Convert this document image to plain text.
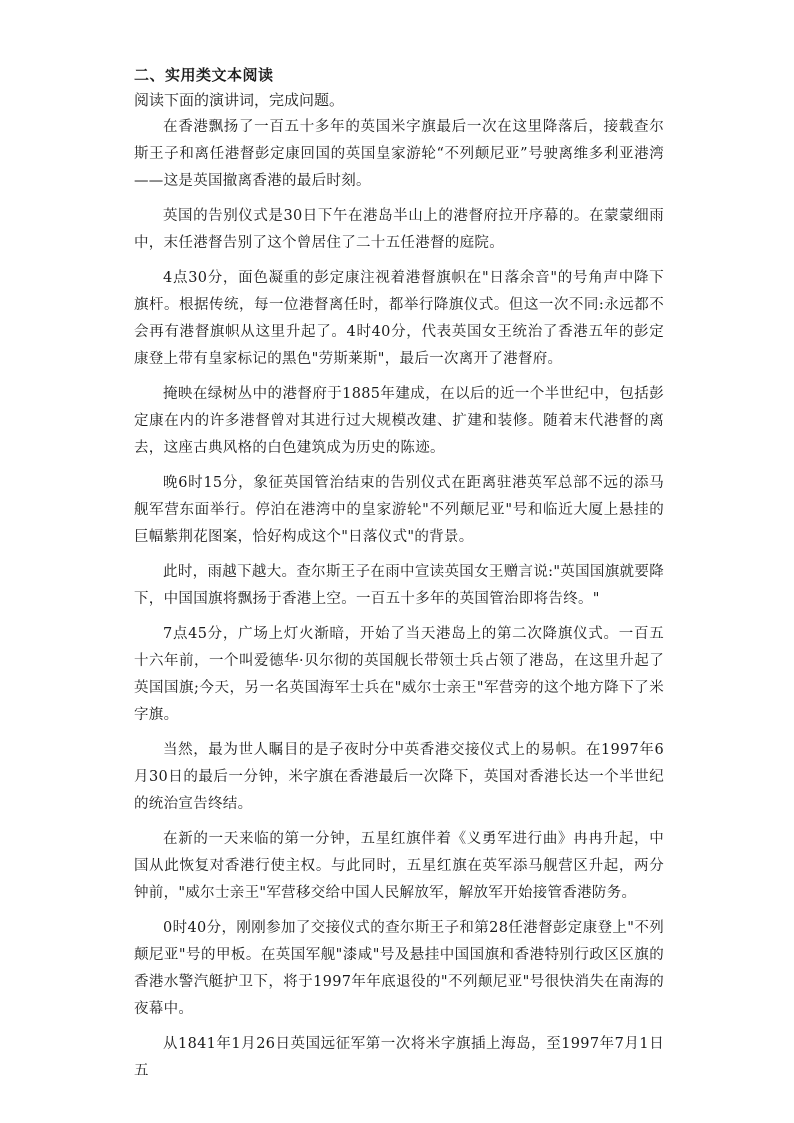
二、实用类文本阅读
阅读下面的演讲词，完成问题。

在香港飘扬了一百五十多年的英国米字旗最后一次在这里降落后，接载查尔斯王子和离任港督彭定康回国的英国皇家游轮“不列颠尼亚”号驶离维多利亚港湾——这是英国撤离香港的最后时刻。

英国的告别仪式是30日下午在港岛半山上的港督府拉开序幕的。在蒙蒙细雨中，末任港督告别了这个曾居住了二十五任港督的庭院。

4点30分，面色凝重的彭定康注视着港督旗帜在"日落余音"的号角声中降下旗杆。根据传统，每一位港督离任时，都举行降旗仪式。但这一次不同:永远都不会再有港督旗帜从这里升起了。4时40分，代表英国女王统治了香港五年的彭定康登上带有皇家标记的黑色"劳斯莱斯"，最后一次离开了港督府。

掩映在绿树丛中的港督府于1885年建成，在以后的近一个半世纪中，包括彭定康在内的许多港督曾对其进行过大规模改建、扩建和装修。随着末代港督的离去，这座古典风格的白色建筑成为历史的陈迹。

晚6时15分，象征英国管治结束的告别仪式在距离驻港英军总部不远的添马舰军营东面举行。停泊在港湾中的皇家游轮"不列颠尼亚"号和临近大厦上悬挂的巨幅紫荆花图案，恰好构成这个"日落仪式"的背景。

此时，雨越下越大。查尔斯王子在雨中宣读英国女王赠言说:"英国国旗就要降下，中国国旗将飘扬于香港上空。一百五十多年的英国管治即将告终。"

7点45分，广场上灯火渐暗，开始了当天港岛上的第二次降旗仪式。一百五十六年前，一个叫爱德华·贝尔彻的英国舰长带领士兵占领了港岛，在这里升起了英国国旗;今天，另一名英国海军士兵在"威尔士亲王"军营旁的这个地方降下了米字旗。

当然，最为世人瞩目的是子夜时分中英香港交接仪式上的易帜。在1997年6月30日的最后一分钟，米字旗在香港最后一次降下，英国对香港长达一个半世纪的统治宣告终结。

在新的一天来临的第一分钟，五星红旗伴着《义勇军进行曲》冉冉升起，中国从此恢复对香港行使主权。与此同时，五星红旗在英军添马舰营区升起，两分钟前，"威尔士亲王"军营移交给中国人民解放军，解放军开始接管香港防务。

0时40分，刚刚参加了交接仪式的查尔斯王子和第28任港督彭定康登上"不列颠尼亚"号的甲板。在英国军舰"漆咸"号及悬挂中国国旗和香港特别行政区区旗的香港水警汽艇护卫下，将于1997年年底退役的"不列颠尼亚"号很快消失在南海的夜幕中。

从1841年1月26日英国远征军第一次将米字旗插上海岛，至1997年7月1日五
